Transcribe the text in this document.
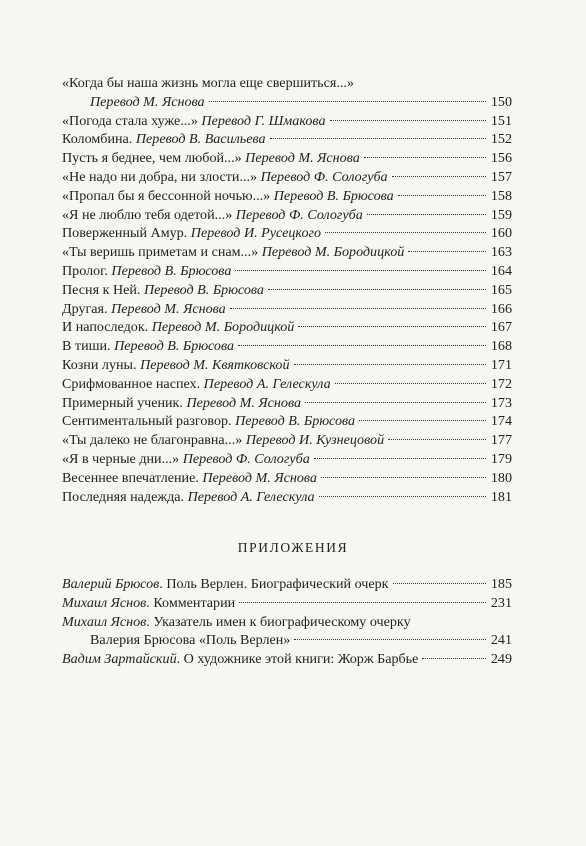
«Когда бы наша жизнь могла еще свершиться...»
Перевод М. Яснова	150
«Погода стала хуже...» Перевод Г. Шмакова	151
Коломбина. Перевод В. Васильева	152
Пусть я беднее, чем любой...» Перевод М. Яснова	156
«Не надо ни добра, ни злости...» Перевод Ф. Сологуба	157
«Пропал бы я бессонной ночью...» Перевод В. Брюсова	158
«Я не люблю тебя одетой...» Перевод Ф. Сологуба	159
Поверженный Амур. Перевод И. Русецкого	160
«Ты веришь приметам и снам...» Перевод М. Бородицкой	163
Пролог. Перевод В. Брюсова	164
Песня к Ней. Перевод В. Брюсова	165
Другая. Перевод М. Яснова	166
И напоследок. Перевод М. Бородицкой	167
В тиши. Перевод В. Брюсова	168
Козни луны. Перевод М. Квятковской	171
Срифмованное наспех. Перевод А. Гелескула	172
Примерный ученик. Перевод М. Яснова	173
Сентиментальный разговор. Перевод В. Брюсова	174
«Ты далеко не благонравна...» Перевод И. Кузнецовой	177
«Я в черные дни...» Перевод Ф. Сологуба	179
Весеннее впечатление. Перевод М. Яснова	180
Последняя надежда. Перевод А. Гелескула	181
ПРИЛОЖЕНИЯ
Валерий Брюсов. Поль Верлен. Биографический очерк	185
Михаил Яснов. Комментарии	231
Михаил Яснов. Указатель имен к биографическому очерку
Валерия Брюсова «Поль Верлен»	241
Вадим Зартайский. О художнике этой книги: Жорж Барбье	249
